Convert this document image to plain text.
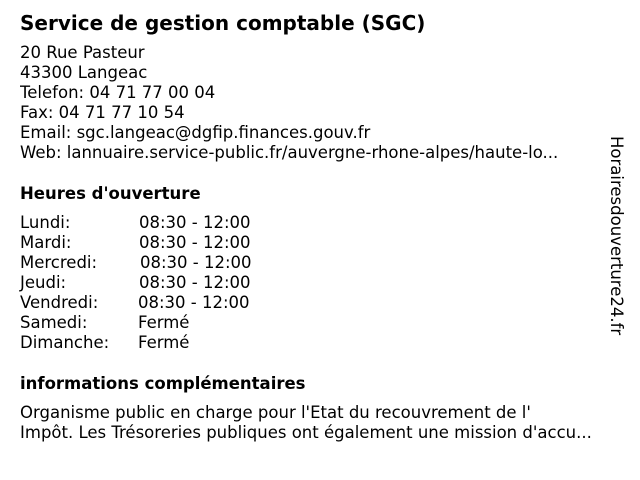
Service de gestion comptable (SGC)
20 Rue Pasteur
43300 Langeac
Telefon: 04 71 77 00 04
Fax: 04 71 77 10 54
Email: sgc.langeac@dgfip.finances.gouv.fr
Web: lannuaire.service-public.fr/auvergne-rhone-alpes/haute-lo...
Heures d'ouverture
Lundi:	08:30 - 12:00
Mardi:	08:30 - 12:00
Mercredi:	08:30 - 12:00
Jeudi:	08:30 - 12:00
Vendredi: 08:30 - 12:00
Samedi:	Fermé
Dimanche: Fermé
informations complémentaires
Organisme public en charge pour l'Etat du recouvrement de l'
Impôt. Les Trésoreries publiques ont également une mission d'accu...
Horairesdouverture24.fr
